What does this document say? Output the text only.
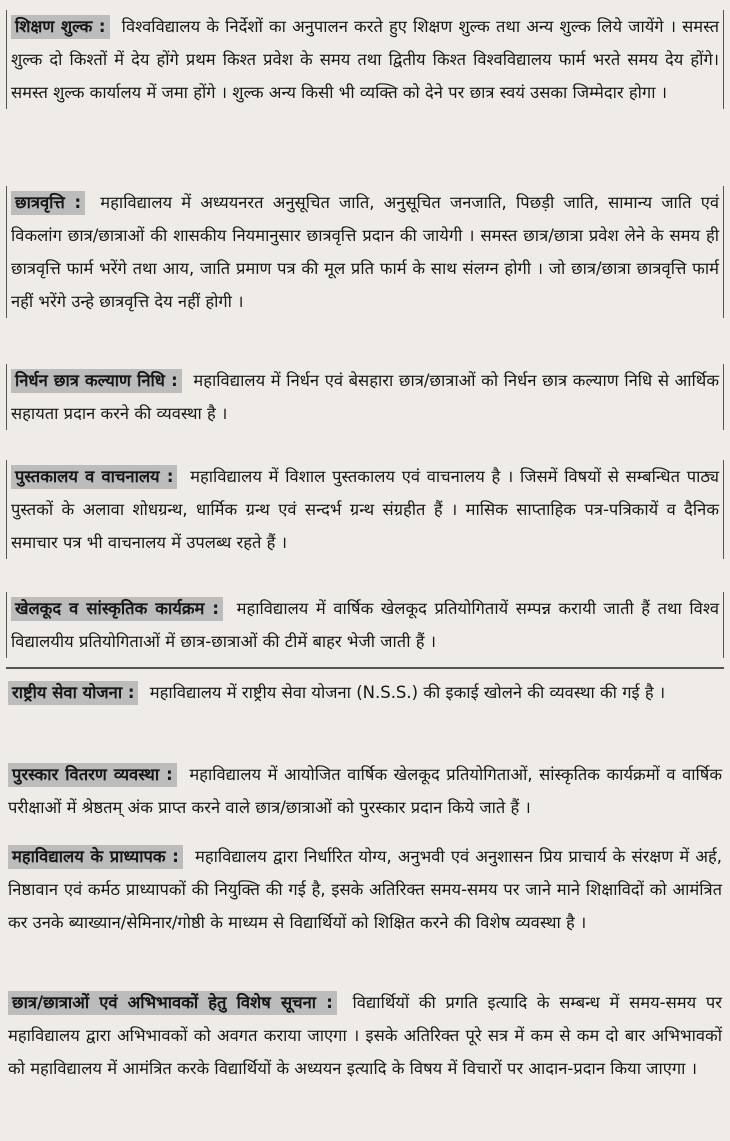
शिक्षण शुल्क : विश्वविद्यालय के निर्देशों का अनुपालन करते हुए शिक्षण शुल्क तथा अन्य शुल्क लिये जायेंगे । समस्त शुल्क दो किश्तों में देय होंगे प्रथम किश्त प्रवेश के समय तथा द्वितीय किश्त विश्वविद्यालय फार्म भरते समय देय होंगे। समस्त शुल्क कार्यालय में जमा होंगे । शुल्क अन्य किसी भी व्यक्ति को देने पर छात्र स्वयं उसका जिम्मेदार होगा ।
छात्रवृत्ति : महाविद्यालय में अध्ययनरत अनुसूचित जाति, अनुसूचित जनजाति, पिछड़ी जाति, सामान्य जाति एवं विकलांग छात्र/छात्राओं की शासकीय नियमानुसार छात्रवृत्ति प्रदान की जायेगी । समस्त छात्र/छात्रा प्रवेश लेने के समय ही छात्रवृत्ति फार्म भरेंगे तथा आय, जाति प्रमाण पत्र की मूल प्रति फार्म के साथ संलग्न होगी । जो छात्र/छात्रा छात्रवृत्ति फार्म नहीं भरेंगे उन्हे छात्रवृत्ति देय नहीं होगी ।
निर्धन छात्र कल्याण निधि : महाविद्यालय में निर्धन एवं बेसहारा छात्र/छात्राओं को निर्धन छात्र कल्याण निधि से आर्थिक सहायता प्रदान करने की व्यवस्था है ।
पुस्तकालय व वाचनालय : महाविद्यालय में विशाल पुस्तकालय एवं वाचनालय है । जिसमें विषयों से सम्बन्धित पाठ्य पुस्तकों के अलावा शोधग्रन्थ, धार्मिक ग्रन्थ एवं सन्दर्भ ग्रन्थ संग्रहीत हैं । मासिक साप्ताहिक पत्र-पत्रिकायें व दैनिक समाचार पत्र भी वाचनालय में उपलब्ध रहते हैं ।
खेलकूद व सांस्कृतिक कार्यक्रम : महाविद्यालय में वार्षिक खेलकूद प्रतियोगितायें सम्पन्न करायी जाती हैं तथा विश्व विद्यालयीय प्रतियोगिताओं में छात्र-छात्राओं की टीमें बाहर भेजी जाती हैं ।
राष्ट्रीय सेवा योजना : महाविद्यालय में राष्ट्रीय सेवा योजना (N.S.S.) की इकाई खोलने की व्यवस्था की गई है ।
पुरस्कार वितरण व्यवस्था : महाविद्यालय में आयोजित वार्षिक खेलकूद प्रतियोगिताओं, सांस्कृतिक कार्यक्रमों व वार्षिक परीक्षाओं में श्रेष्ठतम् अंक प्राप्त करने वाले छात्र/छात्राओं को पुरस्कार प्रदान किये जाते हैं ।
महाविद्यालय के प्राध्यापक : महाविद्यालय द्वारा निर्धारित योग्य, अनुभवी एवं अनुशासन प्रिय प्राचार्य के संरक्षण में अर्ह, निष्ठावान एवं कर्मठ प्राध्यापकों की नियुक्ति की गई है, इसके अतिरिक्त समय-समय पर जाने माने शिक्षाविदों को आमंत्रित कर उनके ब्याख्यान/सेमिनार/गोष्ठी के माध्यम से विद्यार्थियों को शिक्षित करने की विशेष व्यवस्था है ।
छात्र/छात्राओं एवं अभिभावकों हेतु विशेष सूचना : विद्यार्थियों की प्रगति इत्यादि के सम्बन्ध में समय-समय पर महाविद्यालय द्वारा अभिभावकों को अवगत कराया जाएगा । इसके अतिरिक्त पूरे सत्र में कम से कम दो बार अभिभावकों को महाविद्यालय में आमंत्रित करके विद्यार्थियों के अध्ययन इत्यादि के विषय में विचारों पर आदान-प्रदान किया जाएगा ।
